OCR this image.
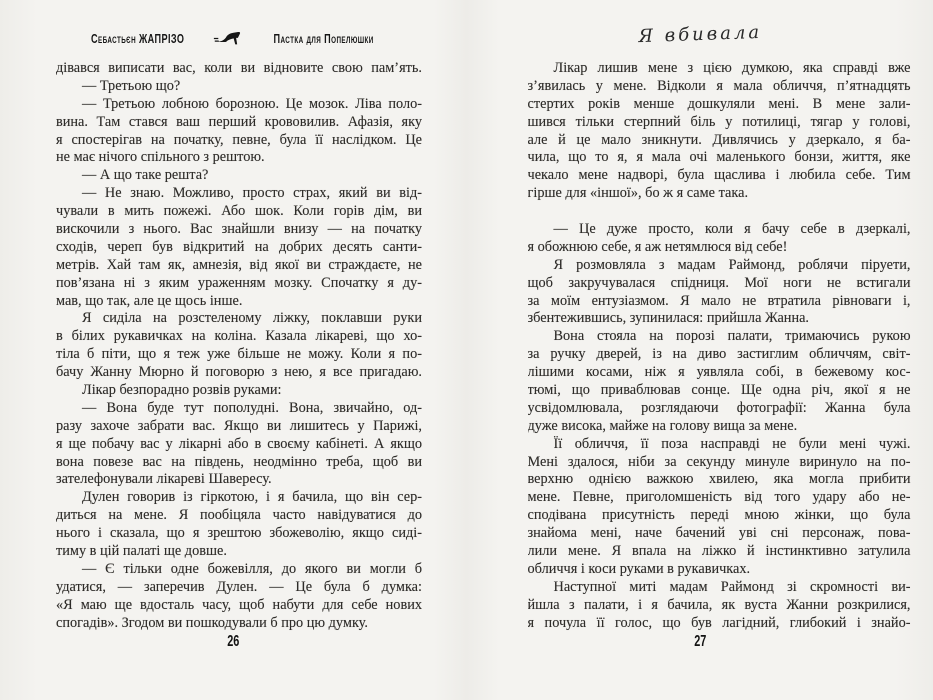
Себастьєн ЖАПРІЗО	Пастка для Попелюшки
дівався виписати вас, коли ви відновите свою пам’ять.
— Третьою що?
— Третьою лобною борозною. Це мозок. Ліва поло-
вина. Там стався ваш перший крововилив. Афазія, яку
я спостерігав на початку, певне, була її наслідком. Це
не має нічого спільного з рештою.
— А що таке решта?
— Не знаю. Можливо, просто страх, який ви від-
чували в мить пожежі. Або шок. Коли горів дім, ви
вискочили з нього. Вас знайшли внизу — на початку
сходів, череп був відкритий на добрих десять санти-
метрів. Хай там як, амнезія, від якої ви страждаєте, не
пов’язана ні з яким ураженням мозку. Спочатку я ду-
мав, що так, але це щось інше.
Я сиділа на розстеленому ліжку, поклавши руки
в білих рукавичках на коліна. Казала лікареві, що хо-
тіла б піти, що я теж уже більше не можу. Коли я по-
бачу Жанну Мюрно й поговорю з нею, я все пригадаю.
Лікар безпорадно розвів руками:
— Вона буде тут пополудні. Вона, звичайно, од-
разу захоче забрати вас. Якщо ви лишитесь у Парижі,
я ще побачу вас у лікарні або в своєму кабінеті. А якщо
вона повезе вас на південь, неодмінно треба, щоб ви
зателефонували лікареві Шавересу.
Дулен говорив із гіркотою, і я бачила, що він сер-
диться на мене. Я пообіцяла часто навідуватися до
нього і сказала, що я зрештою збожеволію, якщо сиді-
тиму в цій палаті ще довше.
— Є тільки одне божевілля, до якого ви могли б
удатися, — заперечив Дулен. — Це була б думка:
«Я маю ще вдосталь часу, щоб набути для себе нових
спогадів». Згодом ви пошкодували б про цю думку.
26
Я вбивала
Лікар лишив мене з цією думкою, яка справді вже
з’явилась у мене. Відколи я мала обличчя, п’ятнадцять
стертих років менше дошкуляли мені. В мене зали-
шився тільки стерпний біль у потилиці, тягар у голові,
але й це мало зникнути. Дивлячись у дзеркало, я ба-
чила, що то я, я мала очі маленького бонзи, життя, яке
чекало мене надворі, була щаслива і любила себе. Тим
гірше для «іншої», бо ж я саме така.
— Це дуже просто, коли я бачу себе в дзеркалі,
я обожнюю себе, я аж нетямлюся від себе!
Я розмовляла з мадам Раймонд, роблячи піруети,
щоб закручувалася спідниця. Мої ноги не встигали
за моїм ентузіазмом. Я мало не втратила рівноваги і,
збентежившись, зупинилася: прийшла Жанна.
Вона стояла на порозі палати, тримаючись рукою
за ручку дверей, із на диво застиглим обличчям, світ-
лішими косами, ніж я уявляла собі, в бежевому кос-
тюмі, що приваблював сонце. Ще одна річ, якої я не
усвідомлювала, розглядаючи фотографії: Жанна була
дуже висока, майже на голову вища за мене.
Її обличчя, її поза насправді не були мені чужі.
Мені здалося, ніби за секунду минуле виринуло на по-
верхню однією важкою хвилею, яка могла прибити
мене. Певне, приголомшеність від того удару або не-
сподівана присутність переді мною жінки, що була
знайома мені, наче бачений уві сні персонаж, пова-
лили мене. Я впала на ліжко й інстинктивно затулила
обличчя і коси руками в рукавичках.
Наступної миті мадам Раймонд зі скромності ви-
йшла з палати, і я бачила, як вуста Жанни розкрилися,
я почула її голос, що був лагідний, глибокий і знайо-
27
